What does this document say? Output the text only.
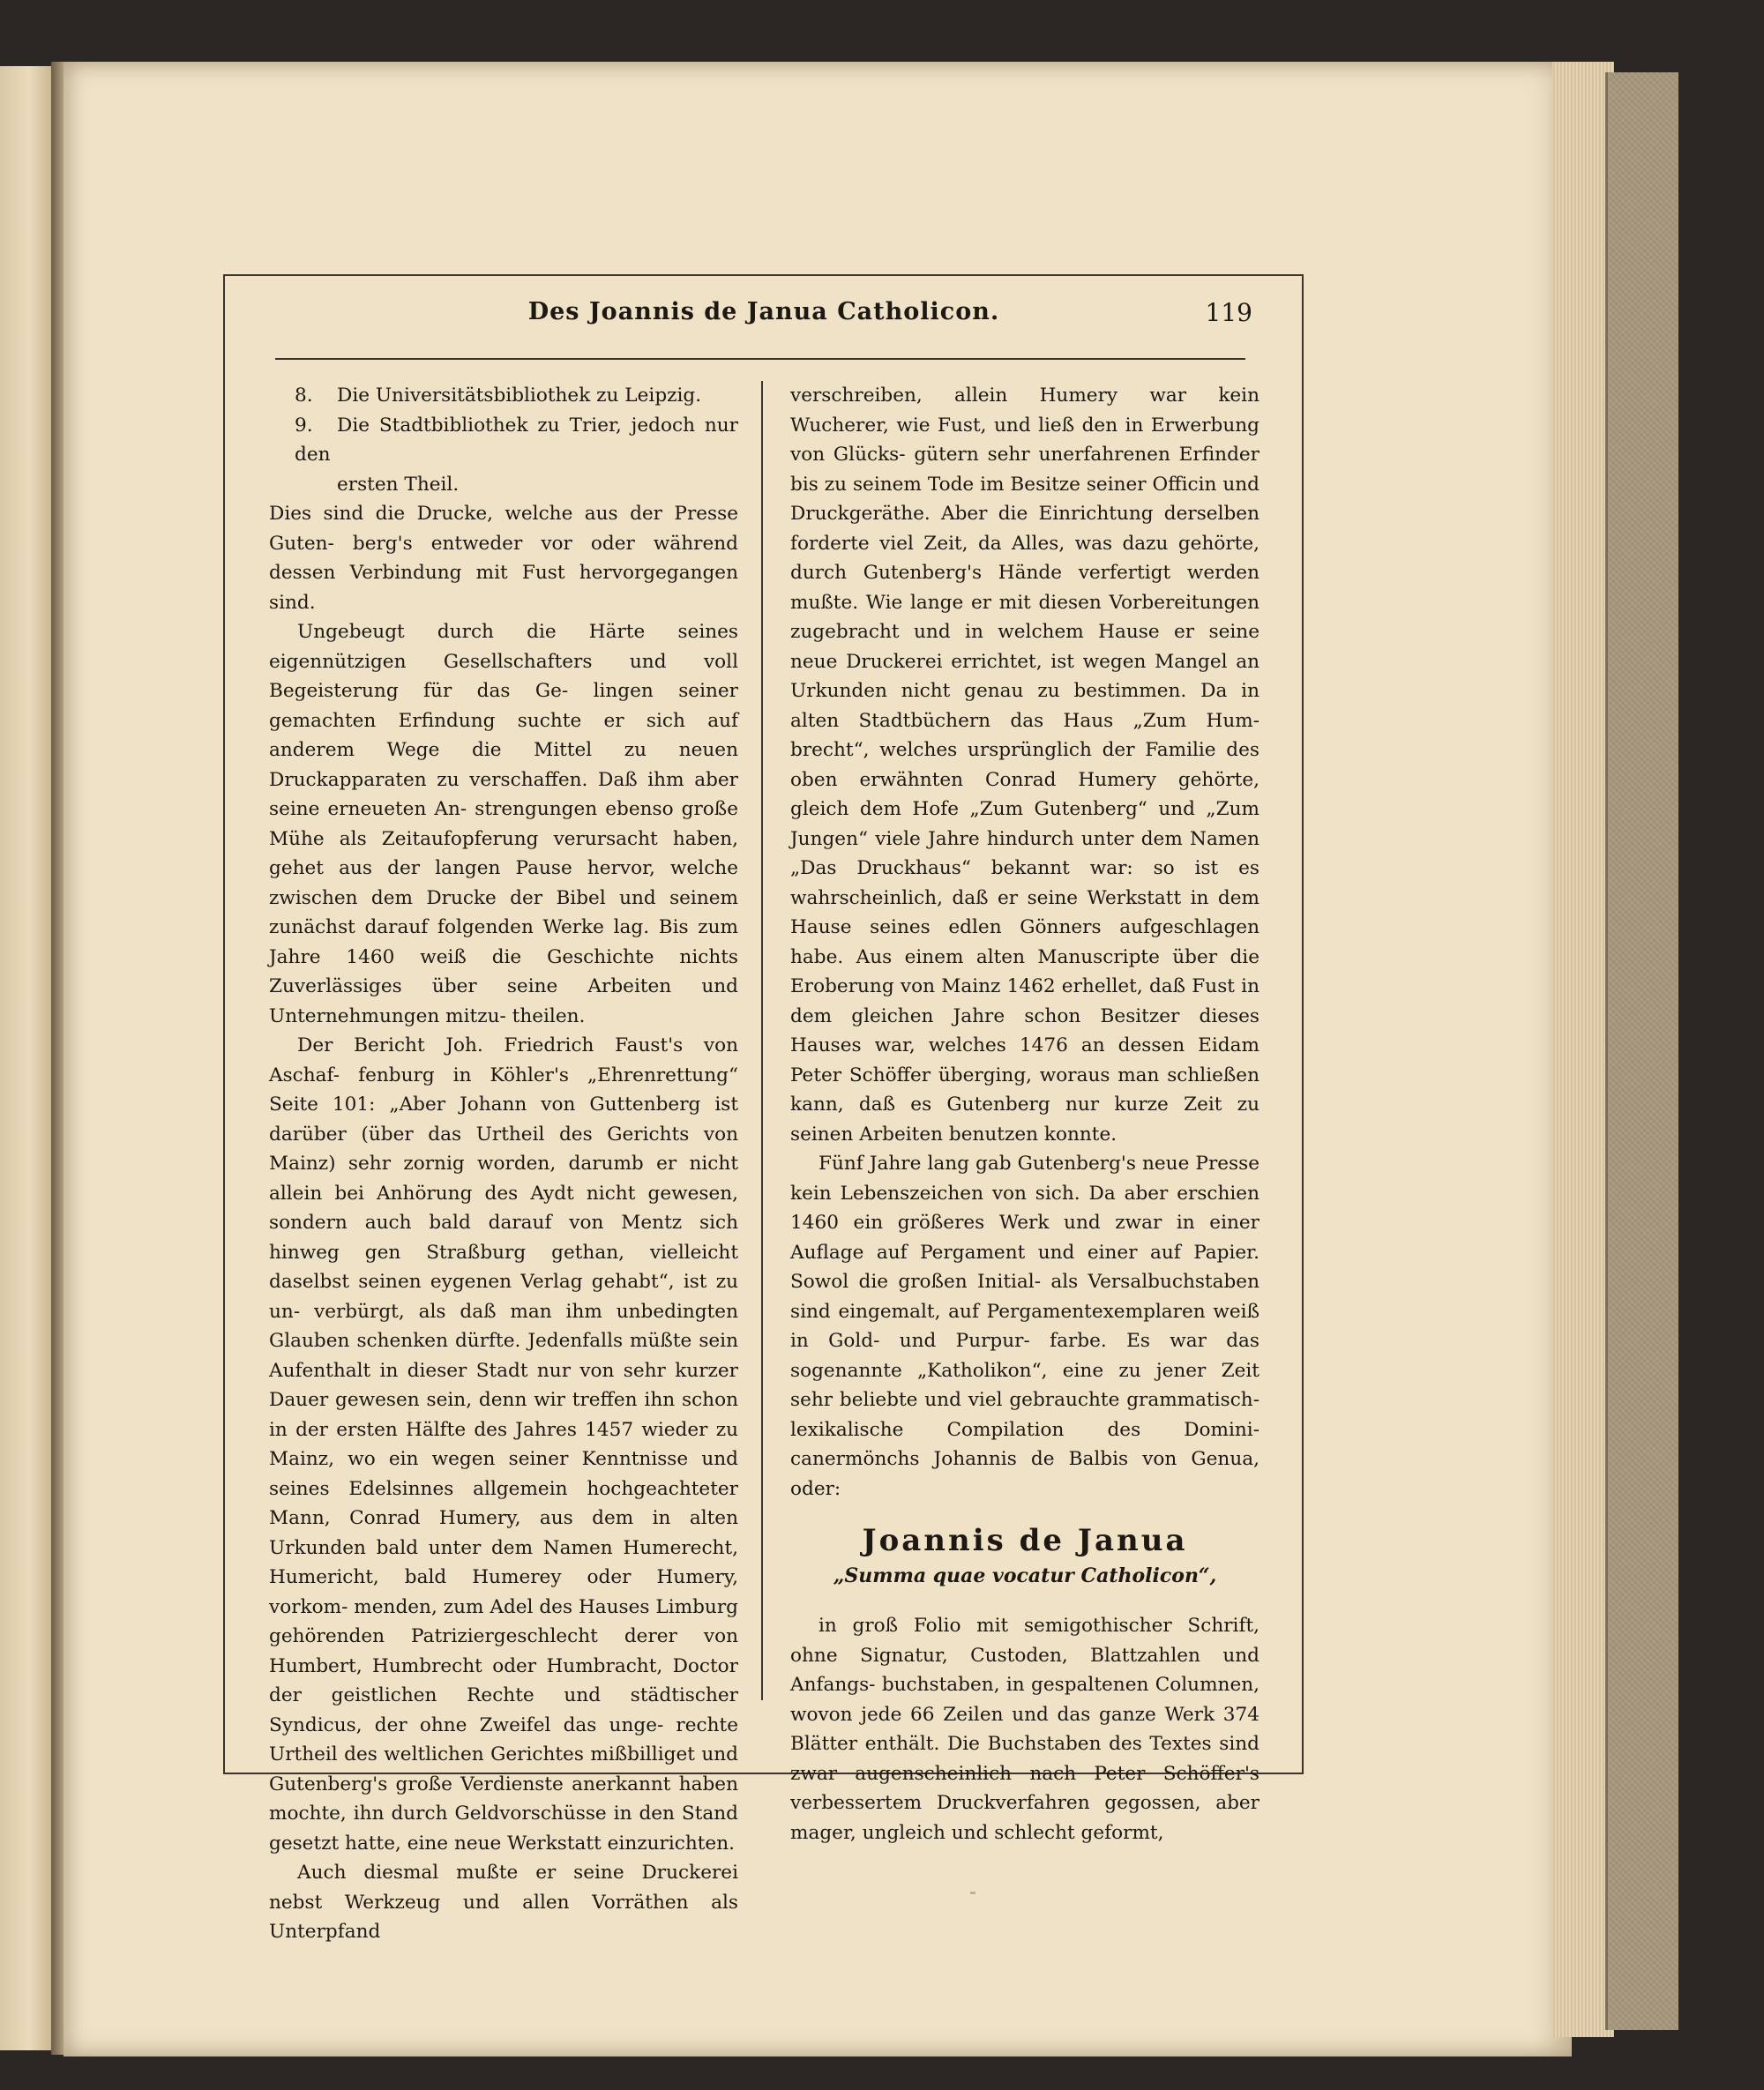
Des Joannis de Janua Catholicon.	119

8. Die Universitätsbibliothek zu Leipzig.

9. Die Stadtbibliothek zu Trier, jedoch nur den

ersten Theil.

Dies sind die Drucke, welche aus der Presse Guten- berg's entweder vor oder während dessen Verbindung mit Fust hervorgegangen sind.

Ungebeugt durch die Härte seines eigennützigen Gesellschafters und voll Begeisterung für das Ge- lingen seiner gemachten Erfindung suchte er sich auf anderem Wege die Mittel zu neuen Druckapparaten zu verschaffen. Daß ihm aber seine erneueten An- strengungen ebenso große Mühe als Zeitaufopferung verursacht haben, gehet aus der langen Pause hervor, welche zwischen dem Drucke der Bibel und seinem zunächst darauf folgenden Werke lag. Bis zum Jahre 1460 weiß die Geschichte nichts Zuverlässiges über seine Arbeiten und Unternehmungen mitzu- theilen.

Der Bericht Joh. Friedrich Faust's von Aschaf- fenburg in Köhler's „Ehrenrettung“ Seite 101: „Aber Johann von Guttenberg ist darüber (über das Urtheil des Gerichts von Mainz) sehr zornig worden, darumb er nicht allein bei Anhörung des Aydt nicht gewesen, sondern auch bald darauf von Mentz sich hinweg gen Straßburg gethan, vielleicht daselbst seinen eygenen Verlag gehabt“, ist zu un- verbürgt, als daß man ihm unbedingten Glauben schenken dürfte. Jedenfalls müßte sein Aufenthalt in dieser Stadt nur von sehr kurzer Dauer gewesen sein, denn wir treffen ihn schon in der ersten Hälfte des Jahres 1457 wieder zu Mainz, wo ein wegen seiner Kenntnisse und seines Edelsinnes allgemein hochgeachteter Mann, Conrad Humery, aus dem in alten Urkunden bald unter dem Namen Humerecht, Humericht, bald Humerey oder Humery, vorkom- menden, zum Adel des Hauses Limburg gehörenden Patriziergeschlecht derer von Humbert, Humbrecht oder Humbracht, Doctor der geistlichen Rechte und städtischer Syndicus, der ohne Zweifel das unge- rechte Urtheil des weltlichen Gerichtes mißbilliget und Gutenberg's große Verdienste anerkannt haben mochte, ihn durch Geldvorschüsse in den Stand gesetzt hatte, eine neue Werkstatt einzurichten.

Auch diesmal mußte er seine Druckerei nebst Werkzeug und allen Vorräthen als Unterpfand

verschreiben, allein Humery war kein Wucherer, wie Fust, und ließ den in Erwerbung von Glücks- gütern sehr unerfahrenen Erfinder bis zu seinem Tode im Besitze seiner Officin und Druckgeräthe. Aber die Einrichtung derselben forderte viel Zeit, da Alles, was dazu gehörte, durch Gutenberg's Hände verfertigt werden mußte. Wie lange er mit diesen Vorbereitungen zugebracht und in welchem Hause er seine neue Druckerei errichtet, ist wegen Mangel an Urkunden nicht genau zu bestimmen. Da in alten Stadtbüchern das Haus „Zum Hum- brecht“, welches ursprünglich der Familie des oben erwähnten Conrad Humery gehörte, gleich dem Hofe „Zum Gutenberg“ und „Zum Jungen“ viele Jahre hindurch unter dem Namen „Das Druckhaus“ bekannt war: so ist es wahrscheinlich, daß er seine Werkstatt in dem Hause seines edlen Gönners aufgeschlagen habe. Aus einem alten Manuscripte über die Eroberung von Mainz 1462 erhellet, daß Fust in dem gleichen Jahre schon Besitzer dieses Hauses war, welches 1476 an dessen Eidam Peter Schöffer überging, woraus man schließen kann, daß es Gutenberg nur kurze Zeit zu seinen Arbeiten benutzen konnte.

Fünf Jahre lang gab Gutenberg's neue Presse kein Lebenszeichen von sich. Da aber erschien 1460 ein größeres Werk und zwar in einer Auflage auf Pergament und einer auf Papier. Sowol die großen Initial- als Versalbuchstaben sind eingemalt, auf Pergamentexemplaren weiß in Gold- und Purpur- farbe. Es war das sogenannte „Katholikon“, eine zu jener Zeit sehr beliebte und viel gebrauchte grammatisch-lexikalische Compilation des Domini- canermönchs Johannis de Balbis von Genua, oder:

Joannis de Janua
„Summa quae vocatur Catholicon“,

in groß Folio mit semigothischer Schrift, ohne Signatur, Custoden, Blattzahlen und Anfangs- buchstaben, in gespaltenen Columnen, wovon jede 66 Zeilen und das ganze Werk 374 Blätter enthält. Die Buchstaben des Textes sind zwar augenscheinlich nach Peter Schöffer's verbessertem Druckverfahren gegossen, aber mager, ungleich und schlecht geformt,
